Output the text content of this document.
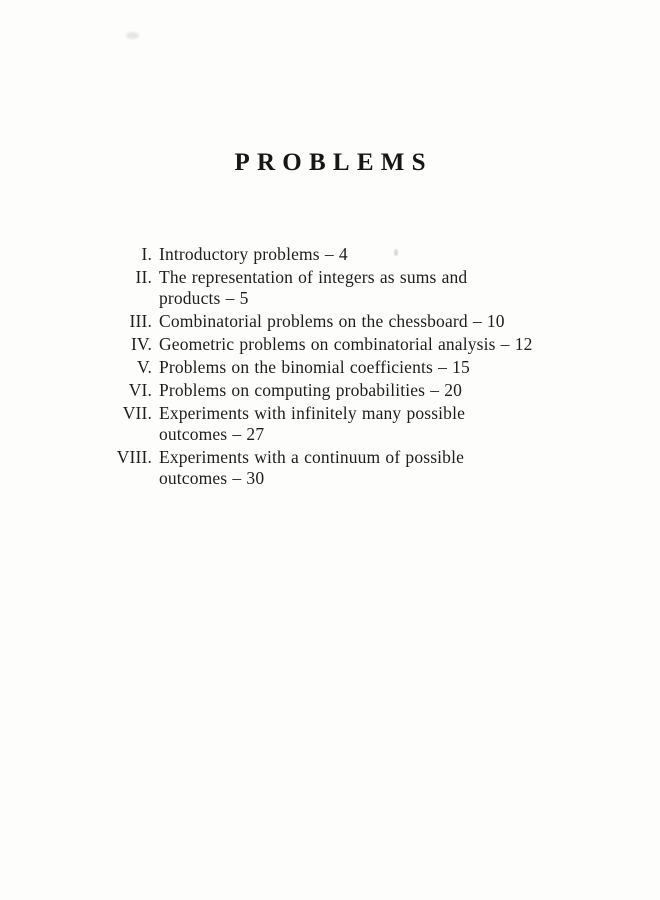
PROBLEMS
I. Introductory problems – 4
II. The representation of integers as sums and
products – 5
III. Combinatorial problems on the chessboard – 10
IV. Geometric problems on combinatorial analysis – 12
V. Problems on the binomial coefficients – 15
VI. Problems on computing probabilities – 20
VII. Experiments with infinitely many possible
outcomes – 27
VIII. Experiments with a continuum of possible
outcomes – 30
